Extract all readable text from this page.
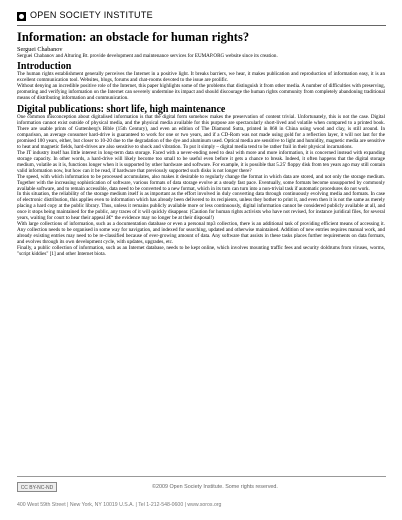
OPEN SOCIETY INSTITUTE
Information: an obstacle for human rights?
Serguei Chabanov
Serguei Chabanov and Alturing Bt. provide development and maintenance services for EUMAP.ORG website since its creation.
Introduction

The human rights establishment generally perceives the Internet in a positive light. It breaks barriers, we hear, it makes publication and reproduction of information easy, it is an excellent communication tool. Websites, blogs, forums and chat-rooms devoted to the issue are prolific.

Without denying an incredible positive role of the Internet, this paper highlights some of the problems that distinguish it from other media. A number of difficulties with preserving, promoting and verifying information on the Internet can severely undermine its impact and should discourage the human rights community from completely abandoning traditional means of distributing information and communication.

Digital publications: short life, high maintenance

One common misconception about digitalised information is that the digital form somehow makes the preservation of content trivial. Unfortunately, this is not the case. Digital information cannot exist outside of physical media, and the physical media available for this purpose are spectacularly short-lived and volatile when compared to a printed book. There are usable prints of Guttenberg's Bible (15th Century), and even an edition of The Diamond Sutra, printed in 868 in China using wood and clay, is still around. In comparison, an average consumer hard-drive is guaranteed to work for one or two years, and if a CD-Rom was not made using gold for a reflection layer, it will not last for the promised 100 years, either, but closer to 10-20 due to the degradation of the dye and aluminum used. Optical media are sensitive to light and humidity, magnetic media are sensitive to heat and magnetic fields, hard-drives are also sensitive to shock and vibration. To put it simply – digital media tend to be rather frail in their physical incarnations.

The IT industry itself has little interest in long-term data storage. Faced with a never-ending need to deal with more and more information, it is concerned instead with expanding storage capacity. In other words, a hard-drive will likely become too small to be useful even before it gets a chance to break. Indeed, it often happens that the digital storage medium, volatile as it is, functions longer when it is supported by other hardware and software. For example, it is possible that 5.25' floppy disk from ten years ago may still contain valid information now, but how can it be read, if hardware that previously supported such disks is not longer there?

The speed, with which information to be processed accumulates, also makes it desirable to regularly change the format in which data are stored, and not only the storage medium. Together with the increasing sophistication of software, various formats of data storage evolve at a steady fast pace. Eventually, some formats become unsupported by commonly available software, and to remain accessible, data need to be converted to a new format, which in its turn can turn into a non-trivial task if automatic procedures do not work.

In this situation, the reliability of the storage medium itself is as important as the effort involved in duly converting data through continuously evolving media and formats. In case of electronic distribution, this applies even to information which has already been delivered to its recipients, unless they bother to print it, and even then it is not the same as merely placing a hard copy at the public library. Thus, unless it remains publicly available more or less continuously, digital information cannot be considered publicly available at all, and once it stops being maintained for the public, any traces of it will quickly disappear. (Caution for human rights activists who have not revised, for instance juridical files, for several years, waiting for court to hear their appeal â€“ the evidence may no longer be at their disposal!)

With large collections of information, such as a documentation database or even a personal mp3 collection, there is an additional task of providing efficient means of accessing it. Any collection needs to be organised in some way for navigation, and indexed for searching, updated and otherwise maintained. Addition of new entries requires manual work, and already existing entries may need to be re-classified because of ever-growing amount of data. Any software that assists in these tasks places further requirements on data formats, and evolves through its own development cycle, with updates, upgrades, etc.

Finally, a public collection of information, such as an Internet database, needs to be kept online, which involves mounting traffic fees and security doldrums from viruses, worms, "script kiddies" [1] and other Internet biota.

CC BY-NC-ND	©2009 Open Society Institute. Some rights reserved.
400 West 59th Street | New York, NY 10019 U.S.A. | Tel 1-212-548-0600 | www.soros.org
